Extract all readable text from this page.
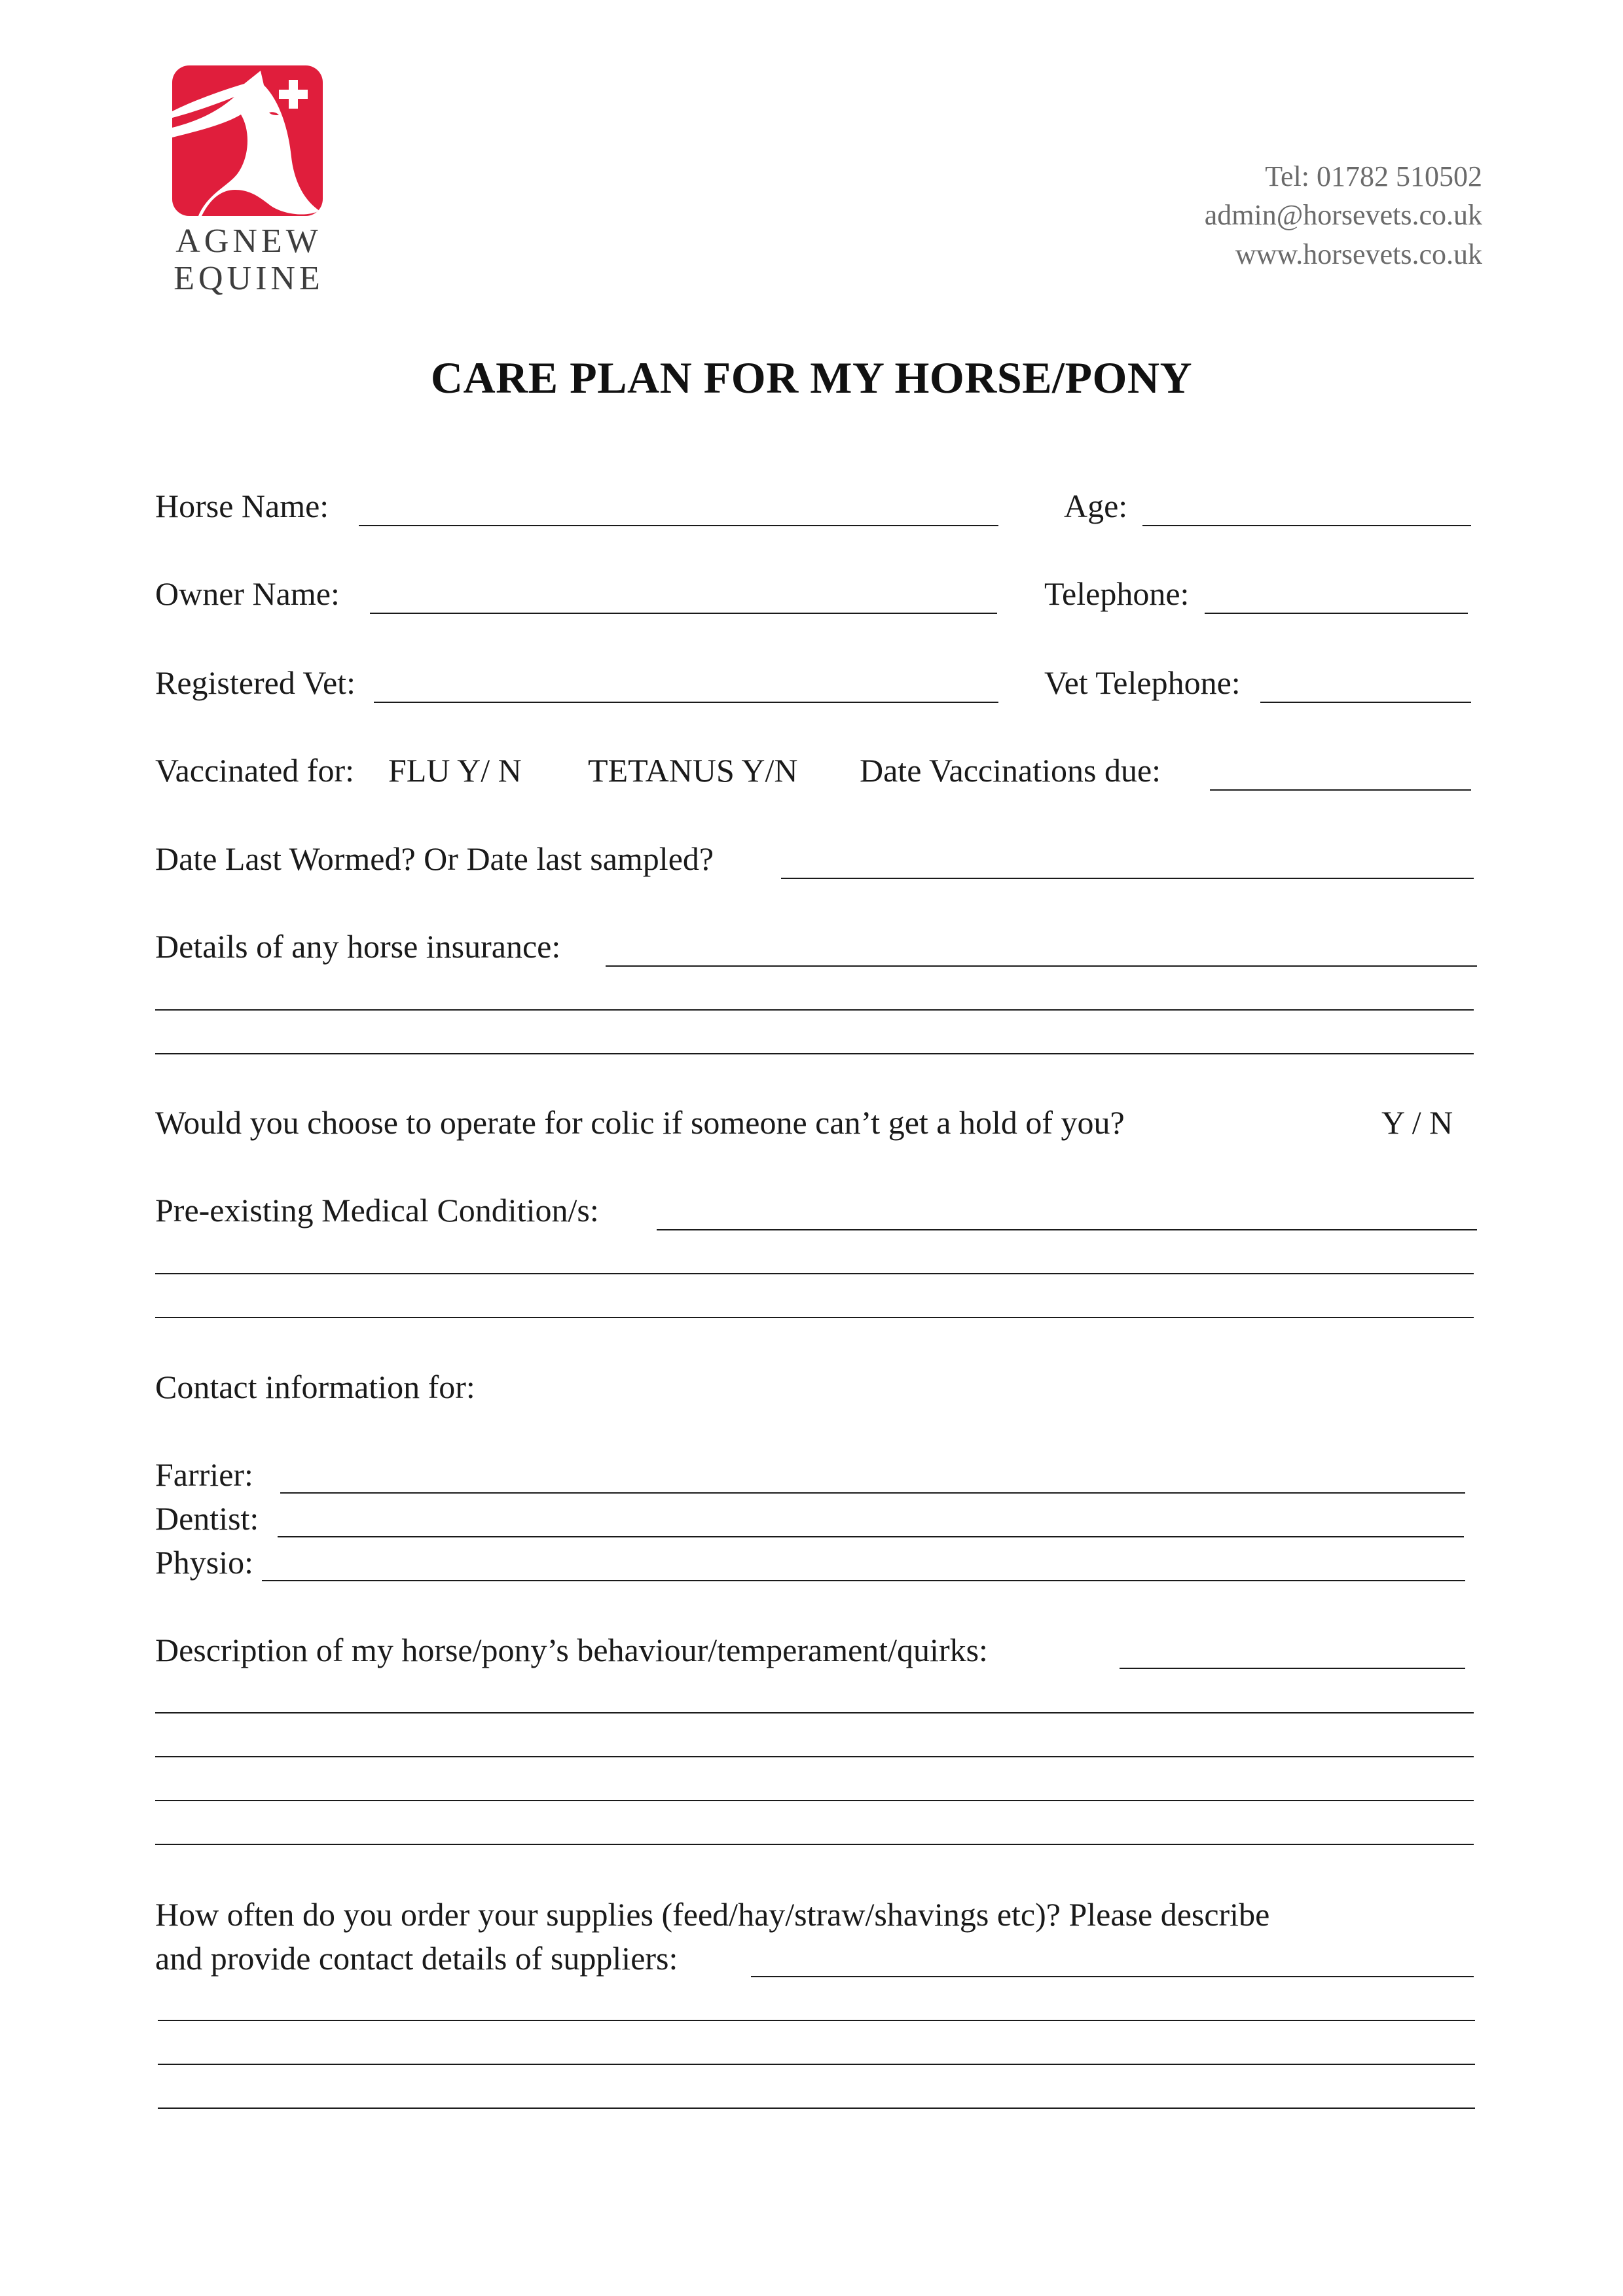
AGNEW
EQUINE
Tel: 01782 510502
admin@horsevets.co.uk
www.horsevets.co.uk
CARE PLAN FOR MY HORSE/PONY
Horse Name:	Age:
Owner Name:	Telephone:
Registered Vet:	Vet Telephone:
Vaccinated for: FLU Y/ N TETANUS Y/N Date Vaccinations due:
Date Last Wormed? Or Date last sampled?
Details of any horse insurance:
Would you choose to operate for colic if someone can’t get a hold of you?	Y / N
Pre-existing Medical Condition/s:
Contact information for:
Farrier:
Dentist:
Physio:
Description of my horse/pony’s behaviour/temperament/quirks:
How often do you order your supplies (feed/hay/straw/shavings etc)? Please describe
and provide contact details of suppliers:
